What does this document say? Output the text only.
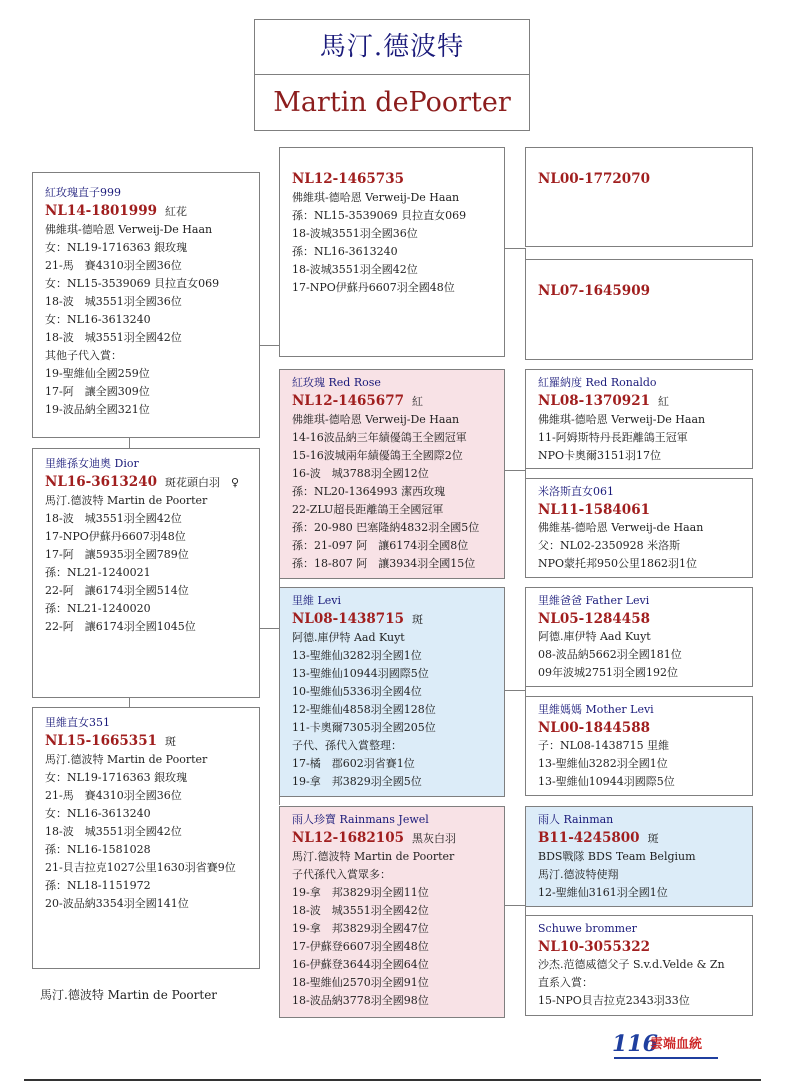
馬汀.德波特
Martin dePoorter
紅玫瑰直子999
NL14-1801999 紅花
佛維琪-德哈恩 Verweij-De Haan
女：NL19-1716363 銀玫瑰
21-馬　賽4310羽全國36位
女：NL15-3539069 貝拉直女069
18-波　城3551羽全國36位
女：NL16-3613240
18-波　城3551羽全國42位
其他子代入賞：
19-聖維仙全國259位
17-阿　讓全國309位
19-波品納全國321位
里維孫女迪奧 Dior
NL16-3613240 斑花頭白羽　♀
馬汀.德波特 Martin de Poorter
18-波　城3551羽全國42位
17-NPO伊蘇丹6607羽48位
17-阿　讓5935羽全國789位
孫：NL21-1240021
22-阿　讓6174羽全國514位
孫：NL21-1240020
22-阿　讓6174羽全國1045位
里維直女351
NL15-1665351 斑
馬汀.德波特 Martin de Poorter
女：NL19-1716363 銀玫瑰
21-馬　賽4310羽全國36位
女：NL16-3613240
18-波　城3551羽全國42位
孫：NL16-1581028
21-貝吉拉克1027公里1630羽省賽9位
孫：NL18-1151972
20-波品納3354羽全國141位
NL12-1465735
佛維琪-德哈恩 Verweij-De Haan
孫：NL15-3539069 貝拉直女069
18-波城3551羽全國36位
孫：NL16-3613240
18-波城3551羽全國42位
17-NPO伊蘇丹6607羽全國48位
紅玫瑰 Red Rose
NL12-1465677 紅
佛維琪-德哈恩 Verweij-De Haan
14-16波品納三年績優鴿王全國冠軍
15-16波城兩年績優鴿王全國際2位
16-波　城3788羽全國12位
孫：NL20-1364993 潔西玫瑰
22-ZLU超長距離鴿王全國冠軍
孫：20-980 巴塞隆納4832羽全國5位
孫：21-097 阿　讓6174羽全國8位
孫：18-807 阿　讓3934羽全國15位
里維 Levi
NL08-1438715 斑
阿德.庫伊特 Aad Kuyt
13-聖維仙3282羽全國1位
13-聖維仙10944羽國際5位
10-聖維仙5336羽全國4位
12-聖維仙4858羽全國128位
11-卡奧爾7305羽全國205位
子代、孫代入賞整理：
17-橘　郡602羽省賽1位
19-拿　邦3829羽全國5位
雨人珍寶 Rainmans Jewel
NL12-1682105 黑灰白羽
馬汀.德波特 Martin de Poorter
子代孫代入賞眾多：
19-拿　邦3829羽全國11位
18-波　城3551羽全國42位
19-拿　邦3829羽全國47位
17-伊蘇登6607羽全國48位
16-伊蘇登3644羽全國64位
18-聖維仙2570羽全國91位
18-波品納3778羽全國98位
NL00-1772070
NL07-1645909
紅羅納度 Red Ronaldo
NL08-1370921 紅
佛維琪-德哈恩 Verweij-De Haan
11-阿姆斯特丹長距離鴿王冠軍
NPO卡奧爾3151羽17位
米洛斯直女061
NL11-1584061
佛維基-德哈恩 Verweij-de Haan
父：NL02-2350928 米洛斯
NPO蒙托邦950公里1862羽1位
里維爸爸 Father Levi
NL05-1284458
阿德.庫伊特 Aad Kuyt
08-波品納5662羽全國181位
09年波城2751羽全國192位
里維媽媽 Mother Levi
NL00-1844588
子：NL08-1438715 里維
13-聖維仙3282羽全國1位
13-聖維仙10944羽國際5位
雨人 Rainman
B11-4245800 斑
BDS戰隊 BDS Team Belgium
馬汀.德波特使翔
12-聖維仙3161羽全國1位
Schuwe brommer
NL10-3055322
沙杰.范德威德父子 S.v.d.Velde & Zn
直系入賞：
15-NPO貝吉拉克2343羽33位
馬汀.德波特 Martin de Poorter
116
雲端血統
